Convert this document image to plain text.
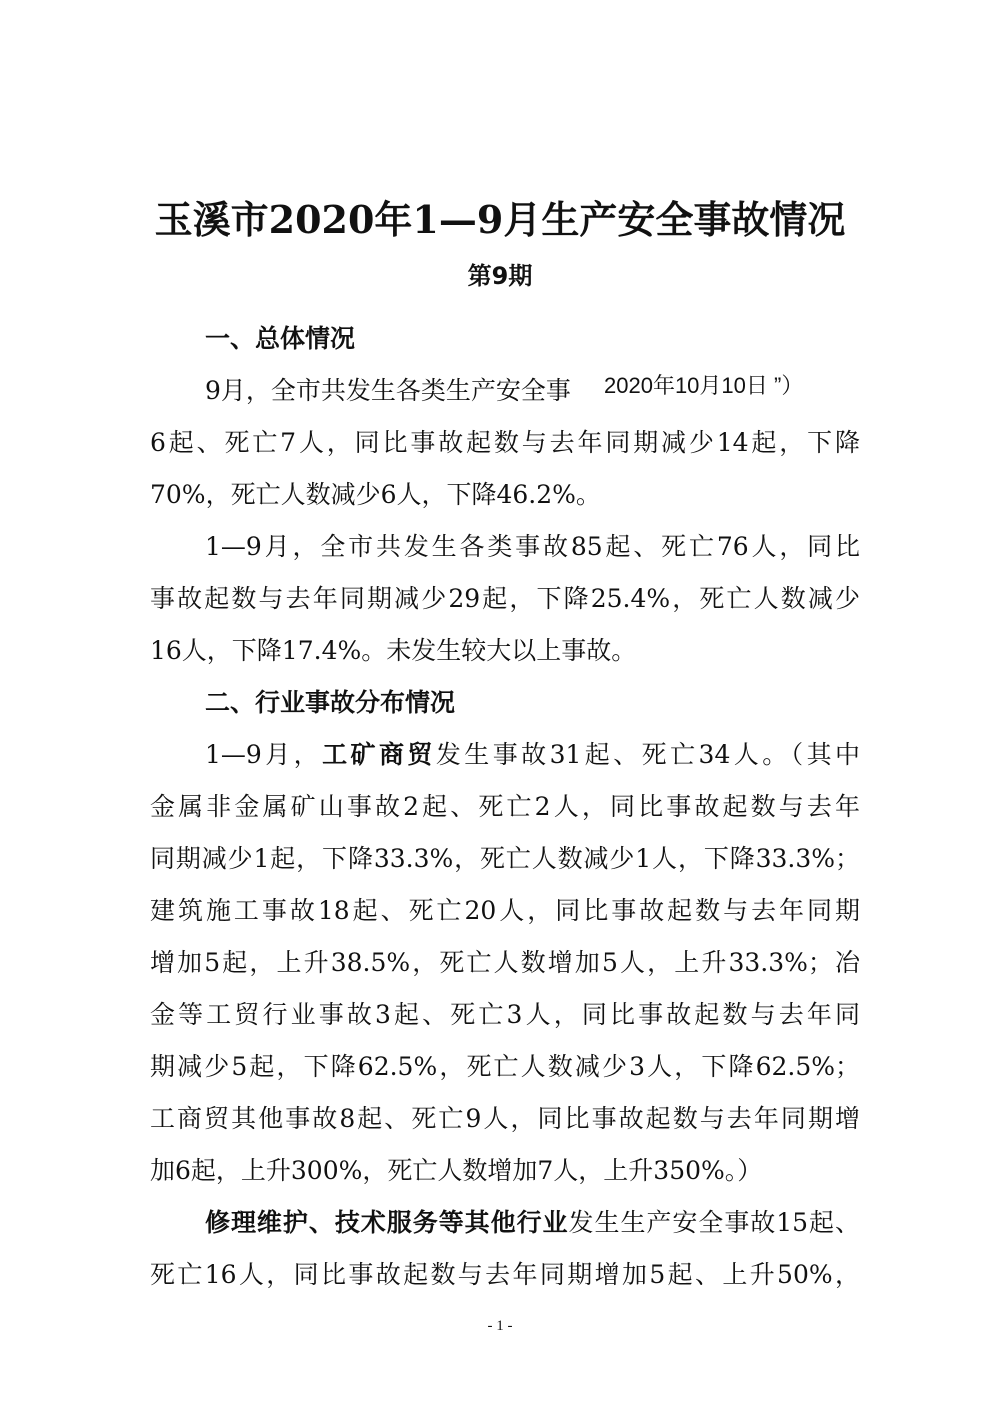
玉溪市2020年1—9月生产安全事故情况
第9期
一、总体情况
9月，全市共发生各类生产安全事	2020年10月10日 ”）
6起、死亡7人，同比事故起数与去年同期减少14起，下降
70%，死亡人数减少6人，下降46.2%。
1—9月，全市共发生各类事故85起、死亡76人，同比
事故起数与去年同期减少29起，下降25.4%，死亡人数减少
16人，下降17.4%。未发生较大以上事故。
二、行业事故分布情况
1—9月，工矿商贸发生事故31起、死亡34人。（其中
金属非金属矿山事故2起、死亡2人，同比事故起数与去年
同期减少1起，下降33.3%，死亡人数减少1人，下降33.3%；
建筑施工事故18起、死亡20人，同比事故起数与去年同期
增加5起，上升38.5%，死亡人数增加5人，上升33.3%；冶
金等工贸行业事故3起、死亡3人，同比事故起数与去年同
期减少5起，下降62.5%，死亡人数减少3人，下降62.5%；
工商贸其他事故8起、死亡9人，同比事故起数与去年同期增
加6起，上升300%，死亡人数增加7人，上升350%。）
修理维护、技术服务等其他行业发生生产安全事故15起、
死亡16人，同比事故起数与去年同期增加5起、上升50%，
- 1 -
